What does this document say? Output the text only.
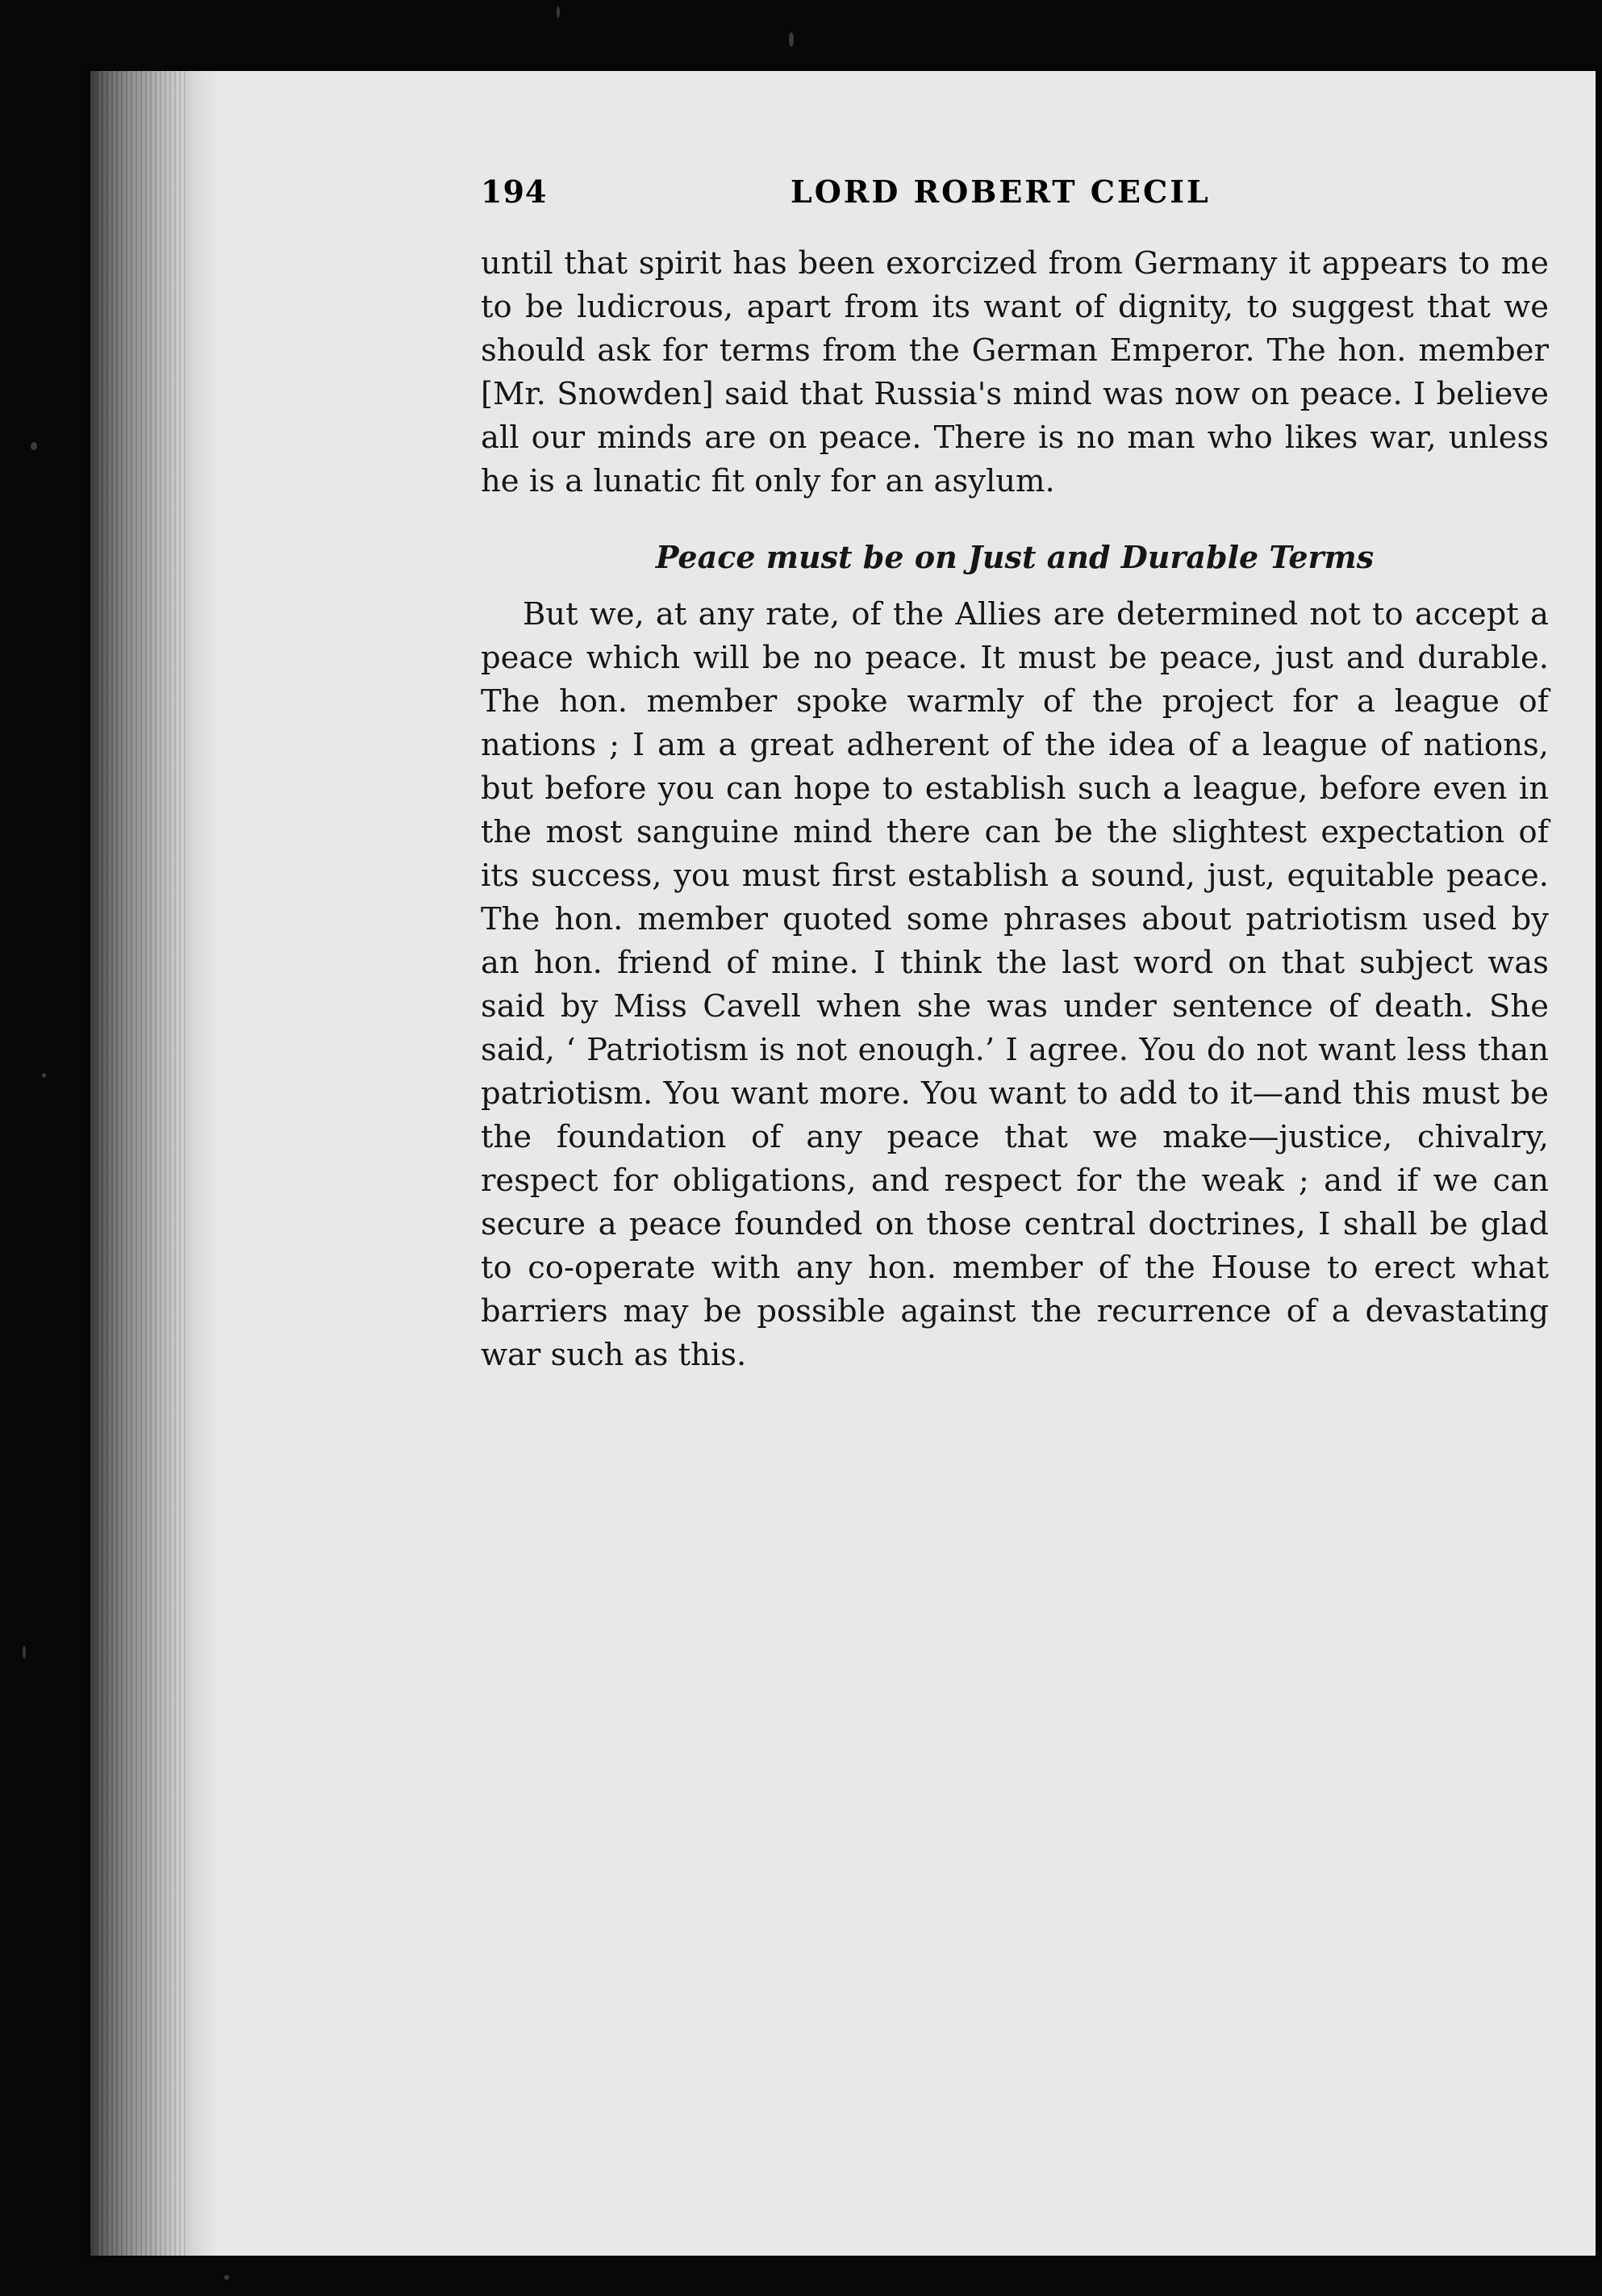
194	LORD ROBERT CECIL

until that spirit has been exorcized from Germany it appears to me to be ludicrous, apart from its want of dignity, to suggest that we should ask for terms from the German Emperor. The hon. member [Mr. Snowden] said that Russia's mind was now on peace. I believe all our minds are on peace. There is no man who likes war, unless he is a lunatic fit only for an asylum.

Peace must be on Just and Durable Terms

But we, at any rate, of the Allies are determined not to accept a peace which will be no peace. It must be peace, just and durable. The hon. member spoke warmly of the project for a league of nations ; I am a great adherent of the idea of a league of nations, but before you can hope to establish such a league, before even in the most sanguine mind there can be the slightest expectation of its success, you must first establish a sound, just, equitable peace. The hon. member quoted some phrases about patriotism used by an hon. friend of mine. I think the last word on that subject was said by Miss Cavell when she was under sentence of death. She said, ‘ Patriotism is not enough.’ I agree. You do not want less than patriotism. You want more. You want to add to it—and this must be the foundation of any peace that we make—justice, chivalry, respect for obligations, and respect for the weak ; and if we can secure a peace founded on those central doctrines, I shall be glad to co-operate with any hon. member of the House to erect what barriers may be possible against the recurrence of a devastating war such as this.
